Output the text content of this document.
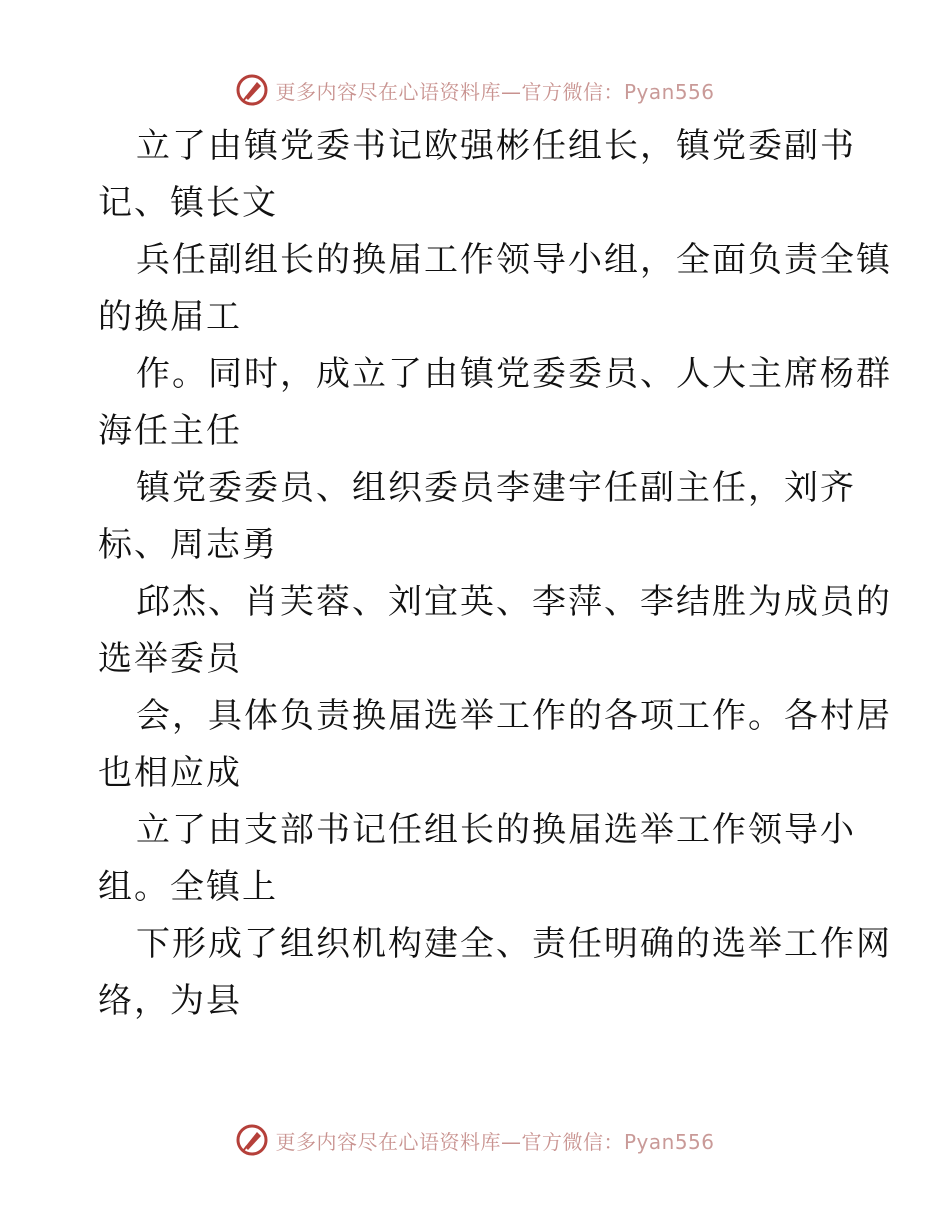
更多内容尽在心语资料库—官方微信：Pyan556

立了由镇党委书记欧强彬任组长，镇党委副书

记、镇长文

兵任副组长的换届工作领导小组，全面负责全镇

的换届工

作。同时，成立了由镇党委委员、人大主席杨群

海任主任

镇党委委员、组织委员李建宇任副主任，刘齐

标、周志勇

邱杰、肖芙蓉、刘宜英、李萍、李结胜为成员的

选举委员

会，具体负责换届选举工作的各项工作。各村居

也相应成

立了由支部书记任组长的换届选举工作领导小

组。全镇上

下形成了组织机构建全、责任明确的选举工作网

络，为县

更多内容尽在心语资料库—官方微信：Pyan556
